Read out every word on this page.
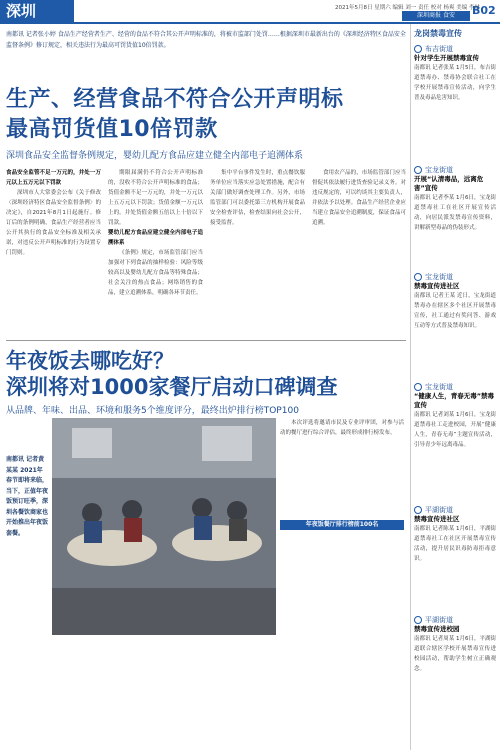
深圳	2021年5月8日 星期六 编辑 刘一 责任 校对 杨爽 美编 李林
深圳商报 食安	B02
南都讯 记者张小婷 食品生产经营者生产、经营的食品不符合其公开声明标准的，将被市监部门处罚……根据深圳市最新出台的《深圳经济特区食品安全监督条例》修订规定，相关违法行为最高可罚货值10倍罚款。
生产、经营食品不符合公开声明标
最高罚货值10倍罚款
深圳食品安全监督条例规定，婴幼儿配方食品应建立健全内部电子追溯体系

食品安全监管不足一万元的，并处一万元以上五万元以下罚款

深圳市人大常委会公布《关于修改〈深圳经济特区食品安全监督条例〉的决定》，自2021年8月1日起施行。修订后的条例明确，食品生产经营者应当公开其执行的食品安全标准及相关承诺，对违反公开声明标准的行为设置专门罚则。

期限届满仍不符合公开声明标准的，没收不符合公开声明标准的食品；货值金额不足一万元的，并处一万元以上五万元以下罚款；货值金额一万元以上的，并处货值金额五倍以上十倍以下罚款。

婴幼儿配方食品应建立健全内部电子追溯体系

《条例》规定，市场监管部门应当加强对下列食品的抽样检验：风险等级较高以及婴幼儿配方食品等特殊食品；社会关注的热点食品；网络销售的食品，建立追溯体系，明确各环节责任。

集中平台事件发生时，重点餐饮服务单位应当落实应急处置措施，配合有关部门做好调查处理工作。另外，市场监管部门可以委托第三方机构开展食品安全检查评估，检查结果向社会公开，接受监督。

食用农产品的，市场监管部门应当督促其依法履行进货查验记录义务。对违反规定的，可以约谈其主要负责人，并依法予以处理。食品生产经营企业应当建立食品安全追溯制度，保证食品可追溯。

年夜饭去哪吃好？
深圳将对1000家餐厅启动口碑调查
从品牌、年味、出品、环境和服务5个维度评分，最终出炉排行榜TOP100
南都讯 记者黄某某 2021年春节即将来临，当下，正值年夜饭预订旺季，深圳各餐饮商家也开始推出年夜饭套餐。

本次评选将邀请市民及专业评审团，对参与活动的餐厅进行综合评估，最终形成排行榜发布。

年夜饭餐厅排行榜前100名
龙岗禁毒宣传
布吉街道
针对学生开展禁毒宣传
南都讯 记者张某 1月5日，布吉街道禁毒办、禁毒协会联合社工在学校开展禁毒宣传活动，向学生普及毒品危害知识。
宝龙街道
开展“认清毒品，远离危害”宣传
南都讯 记者李某 1月6日，宝龙街道禁毒社工在社区开展宣传活动，向居民派发禁毒宣传资料，讲解新型毒品的伪装形式。
宝龙街道
禁毒宣传进社区
南都讯 记者王某 近日，宝龙街道禁毒办在辖区多个社区开展禁毒宣传，社工通过有奖问答、游戏互动等方式普及禁毒知识。
宝龙街道
“健康人生，青春无毒”禁毒宣传
南都讯 记者刘某 1月6日，宝龙街道禁毒社工走进校园，开展“健康人生，青春无毒”主题宣传活动，引导青少年远离毒品。
平湖街道
禁毒宣传进社区
南都讯 记者陈某 1月6日，平湖街道禁毒社工在社区开展禁毒宣传活动，提升居民识毒防毒拒毒意识。
平湖街道
禁毒宣传进校园
南都讯 记者周某 1月6日，平湖街道联合辖区学校开展禁毒宣传进校园活动，帮助学生树立正确观念。
